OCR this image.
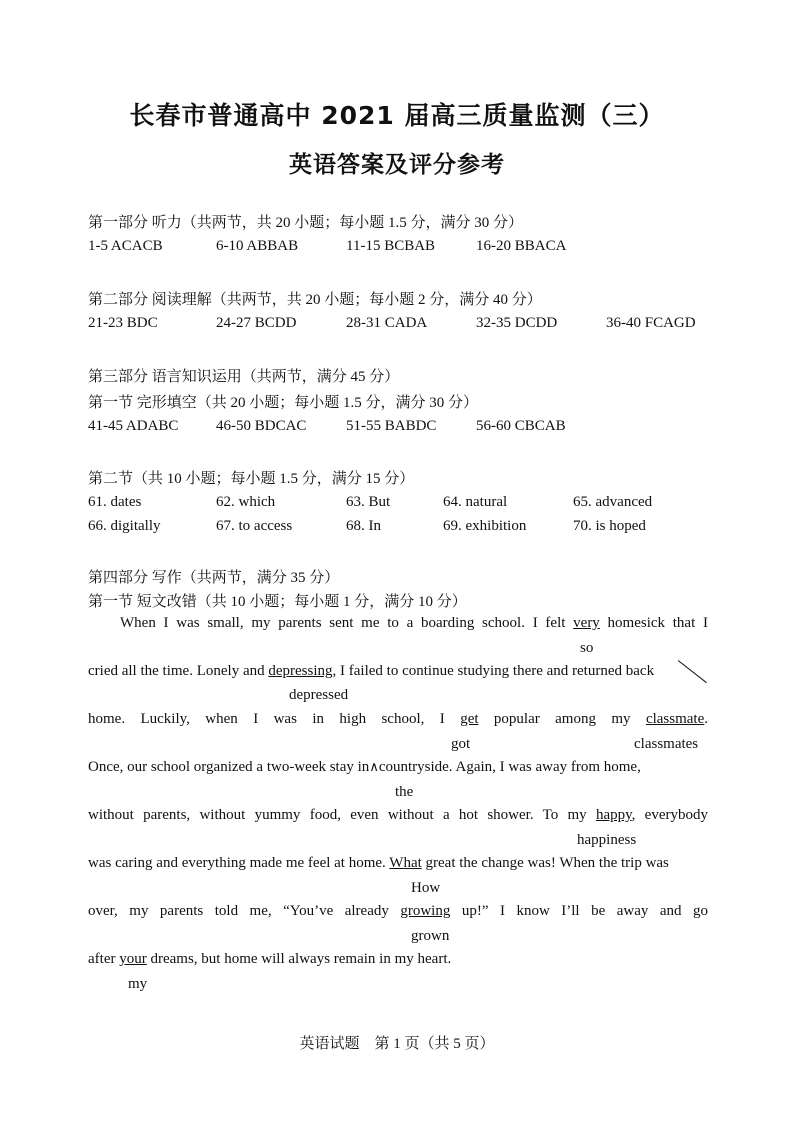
长春市普通高中 2021 届高三质量监测（三）
英语答案及评分参考
第一部分 听力（共两节，共 20 小题；每小题 1.5 分，满分 30 分）
1-5 ACACB	6-10 ABBAB	11-15 BCBAB	16-20 BBACA
第二部分 阅读理解（共两节，共 20 小题；每小题 2 分，满分 40 分）
21-23 BDC	24-27 BCDD	28-31 CADA	32-35 DCDD	36-40 FCAGD
第三部分 语言知识运用（共两节，满分 45 分）
第一节 完形填空（共 20 小题；每小题 1.5 分，满分 30 分）
41-45 ADABC	46-50 BDCAC	51-55 BABDC	56-60 CBCAB
第二节（共 10 小题；每小题 1.5 分，满分 15 分）
61. dates	62. which	63. But	64. natural	65. advanced
66. digitally	67. to access	68. In	69. exhibition	70. is hoped
第四部分 写作（共两节，满分 35 分）
第一节 短文改错（共 10 小题；每小题 1 分，满分 10 分）
When I was small, my parents sent me to a boarding school. I felt very homesick that I
so
cried all the time. Lonely and depressing, I failed to continue studying there and returned back
depressed
home. Luckily, when I was in high school, I get popular among my classmate.
got	classmates
Once, our school organized a two-week stay in∧countryside. Again, I was away from home,
the
without parents, without yummy food, even without a hot shower. To my happy, everybody
happiness
was caring and everything made me feel at home. What great the change was! When the trip was
How
over, my parents told me, “You’ve already growing up!” I know I’ll be away and go
grown
after your dreams, but home will always remain in my heart.
my
英语试题　第 1 页（共 5 页）
